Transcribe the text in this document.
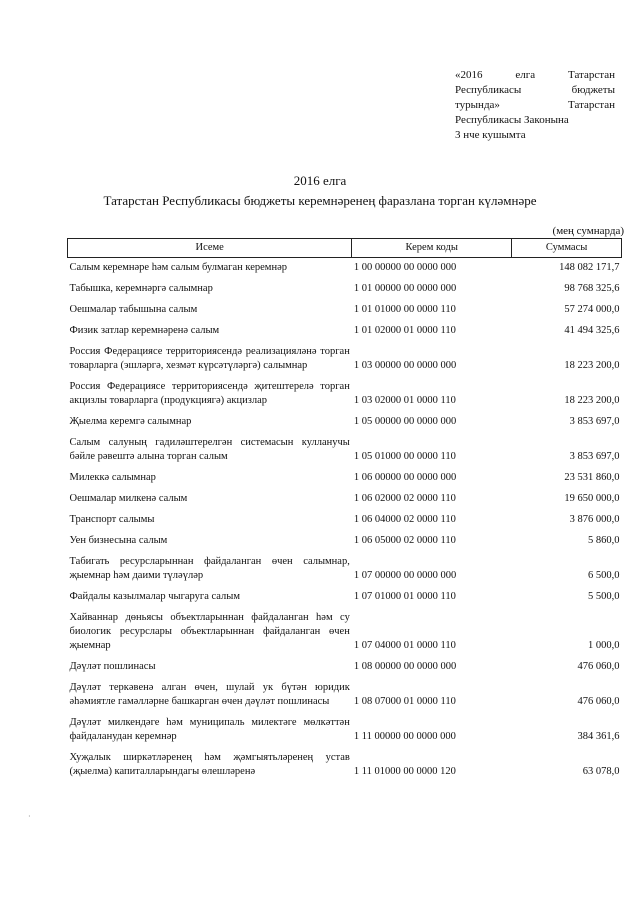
«2016	елга	Татарстан
Республикасы	бюджеты
турында»	Татарстан
Республикасы Законына
3 нче кушымта
2016 елга
Татарстан Республикасы бюджеты керемнәренең фаразлана торган күләмнәре
(мең сумнарда)
Исеме	Керем коды	Суммасы
Салым керемнәре һәм салым булмаган керемнәр	1 00 00000 00 0000 000	148 082 171,7
Табышка, керемнәргә салымнар	1 01 00000 00 0000 000	98 768 325,6
Оешмалар табышына салым	1 01 01000 00 0000 110	57 274 000,0
Физик затлар керемнәренә салым	1 01 02000 01 0000 110	41 494 325,6
Россия Федерациясе территориясендә реализацияләнә торган товарларга (эшләргә, хезмәт күрсәтүләргә) салымнар	1 03 00000 00 0000 000	18 223 200,0
Россия Федерациясе территориясендә җитештерелә торган акцизлы товарларга (продукциягә) акцизлар	1 03 02000 01 0000 110	18 223 200,0
Җыелма керемгә салымнар	1 05 00000 00 0000 000	3 853 697,0
Салым салуның гадиләштерелгән системасын кулланучы бәйле рәвештә алына торган салым	1 05 01000 00 0000 110	3 853 697,0
Милеккә салымнар	1 06 00000 00 0000 000	23 531 860,0
Оешмалар милкенә салым	1 06 02000 02 0000 110	19 650 000,0
Транспорт салымы	1 06 04000 02 0000 110	3 876 000,0
Уен бизнесына салым	1 06 05000 02 0000 110	5 860,0
Табигать ресурсларыннан файдаланган өчен салымнар, җыемнар һәм даими түләүләр	1 07 00000 00 0000 000	6 500,0
Файдалы казылмалар чыгаруга салым	1 07 01000 01 0000 110	5 500,0
Хайваннар дөньясы объектларыннан файдаланган һәм су биологик ресурслары объектларыннан файдаланган өчен җыемнар	1 07 04000 01 0000 110	1 000,0
Дәүләт пошлинасы	1 08 00000 00 0000 000	476 060,0
Дәүләт теркәвенә алган өчен, шулай ук бүтән юридик әһәмиятле гамәлләрне башкарган өчен дәүләт пошлинасы	1 08 07000 01 0000 110	476 060,0
Дәүләт милкендәге һәм муниципаль милектәге мөлкәттән файдаланудан керемнәр	1 11 00000 00 0000 000	384 361,6
Хуҗалык ширкәтләренең һәм җәмгыятьләренең устав (җыелма) капиталларындагы өлешләренә	1 11 01000 00 0000 120	63 078,0
·
